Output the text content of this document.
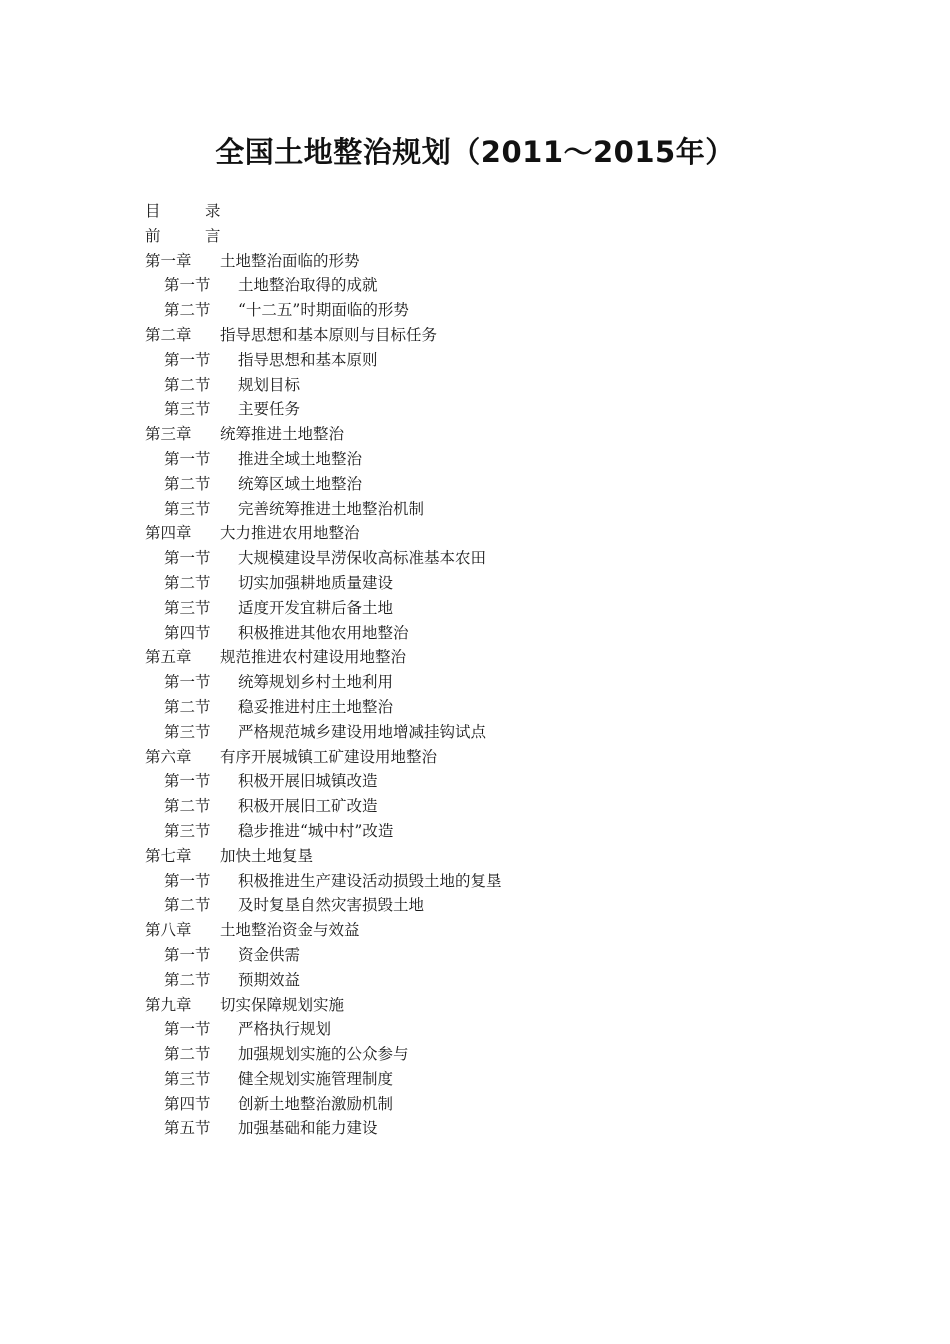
全国土地整治规划（2011～2015年）
目	录
前	言
第一章	土地整治面临的形势
第一节	土地整治取得的成就
第二节	“十二五”时期面临的形势
第二章	指导思想和基本原则与目标任务
第一节	指导思想和基本原则
第二节	规划目标
第三节	主要任务
第三章	统筹推进土地整治
第一节	推进全域土地整治
第二节	统筹区域土地整治
第三节	完善统筹推进土地整治机制
第四章	大力推进农用地整治
第一节	大规模建设旱涝保收高标准基本农田
第二节	切实加强耕地质量建设
第三节	适度开发宜耕后备土地
第四节	积极推进其他农用地整治
第五章	规范推进农村建设用地整治
第一节	统筹规划乡村土地利用
第二节	稳妥推进村庄土地整治
第三节	严格规范城乡建设用地增减挂钩试点
第六章	有序开展城镇工矿建设用地整治
第一节	积极开展旧城镇改造
第二节	积极开展旧工矿改造
第三节	稳步推进“城中村”改造
第七章	加快土地复垦
第一节	积极推进生产建设活动损毁土地的复垦
第二节	及时复垦自然灾害损毁土地
第八章	土地整治资金与效益
第一节	资金供需
第二节	预期效益
第九章	切实保障规划实施
第一节	严格执行规划
第二节	加强规划实施的公众参与
第三节	健全规划实施管理制度
第四节	创新土地整治激励机制
第五节	加强基础和能力建设
